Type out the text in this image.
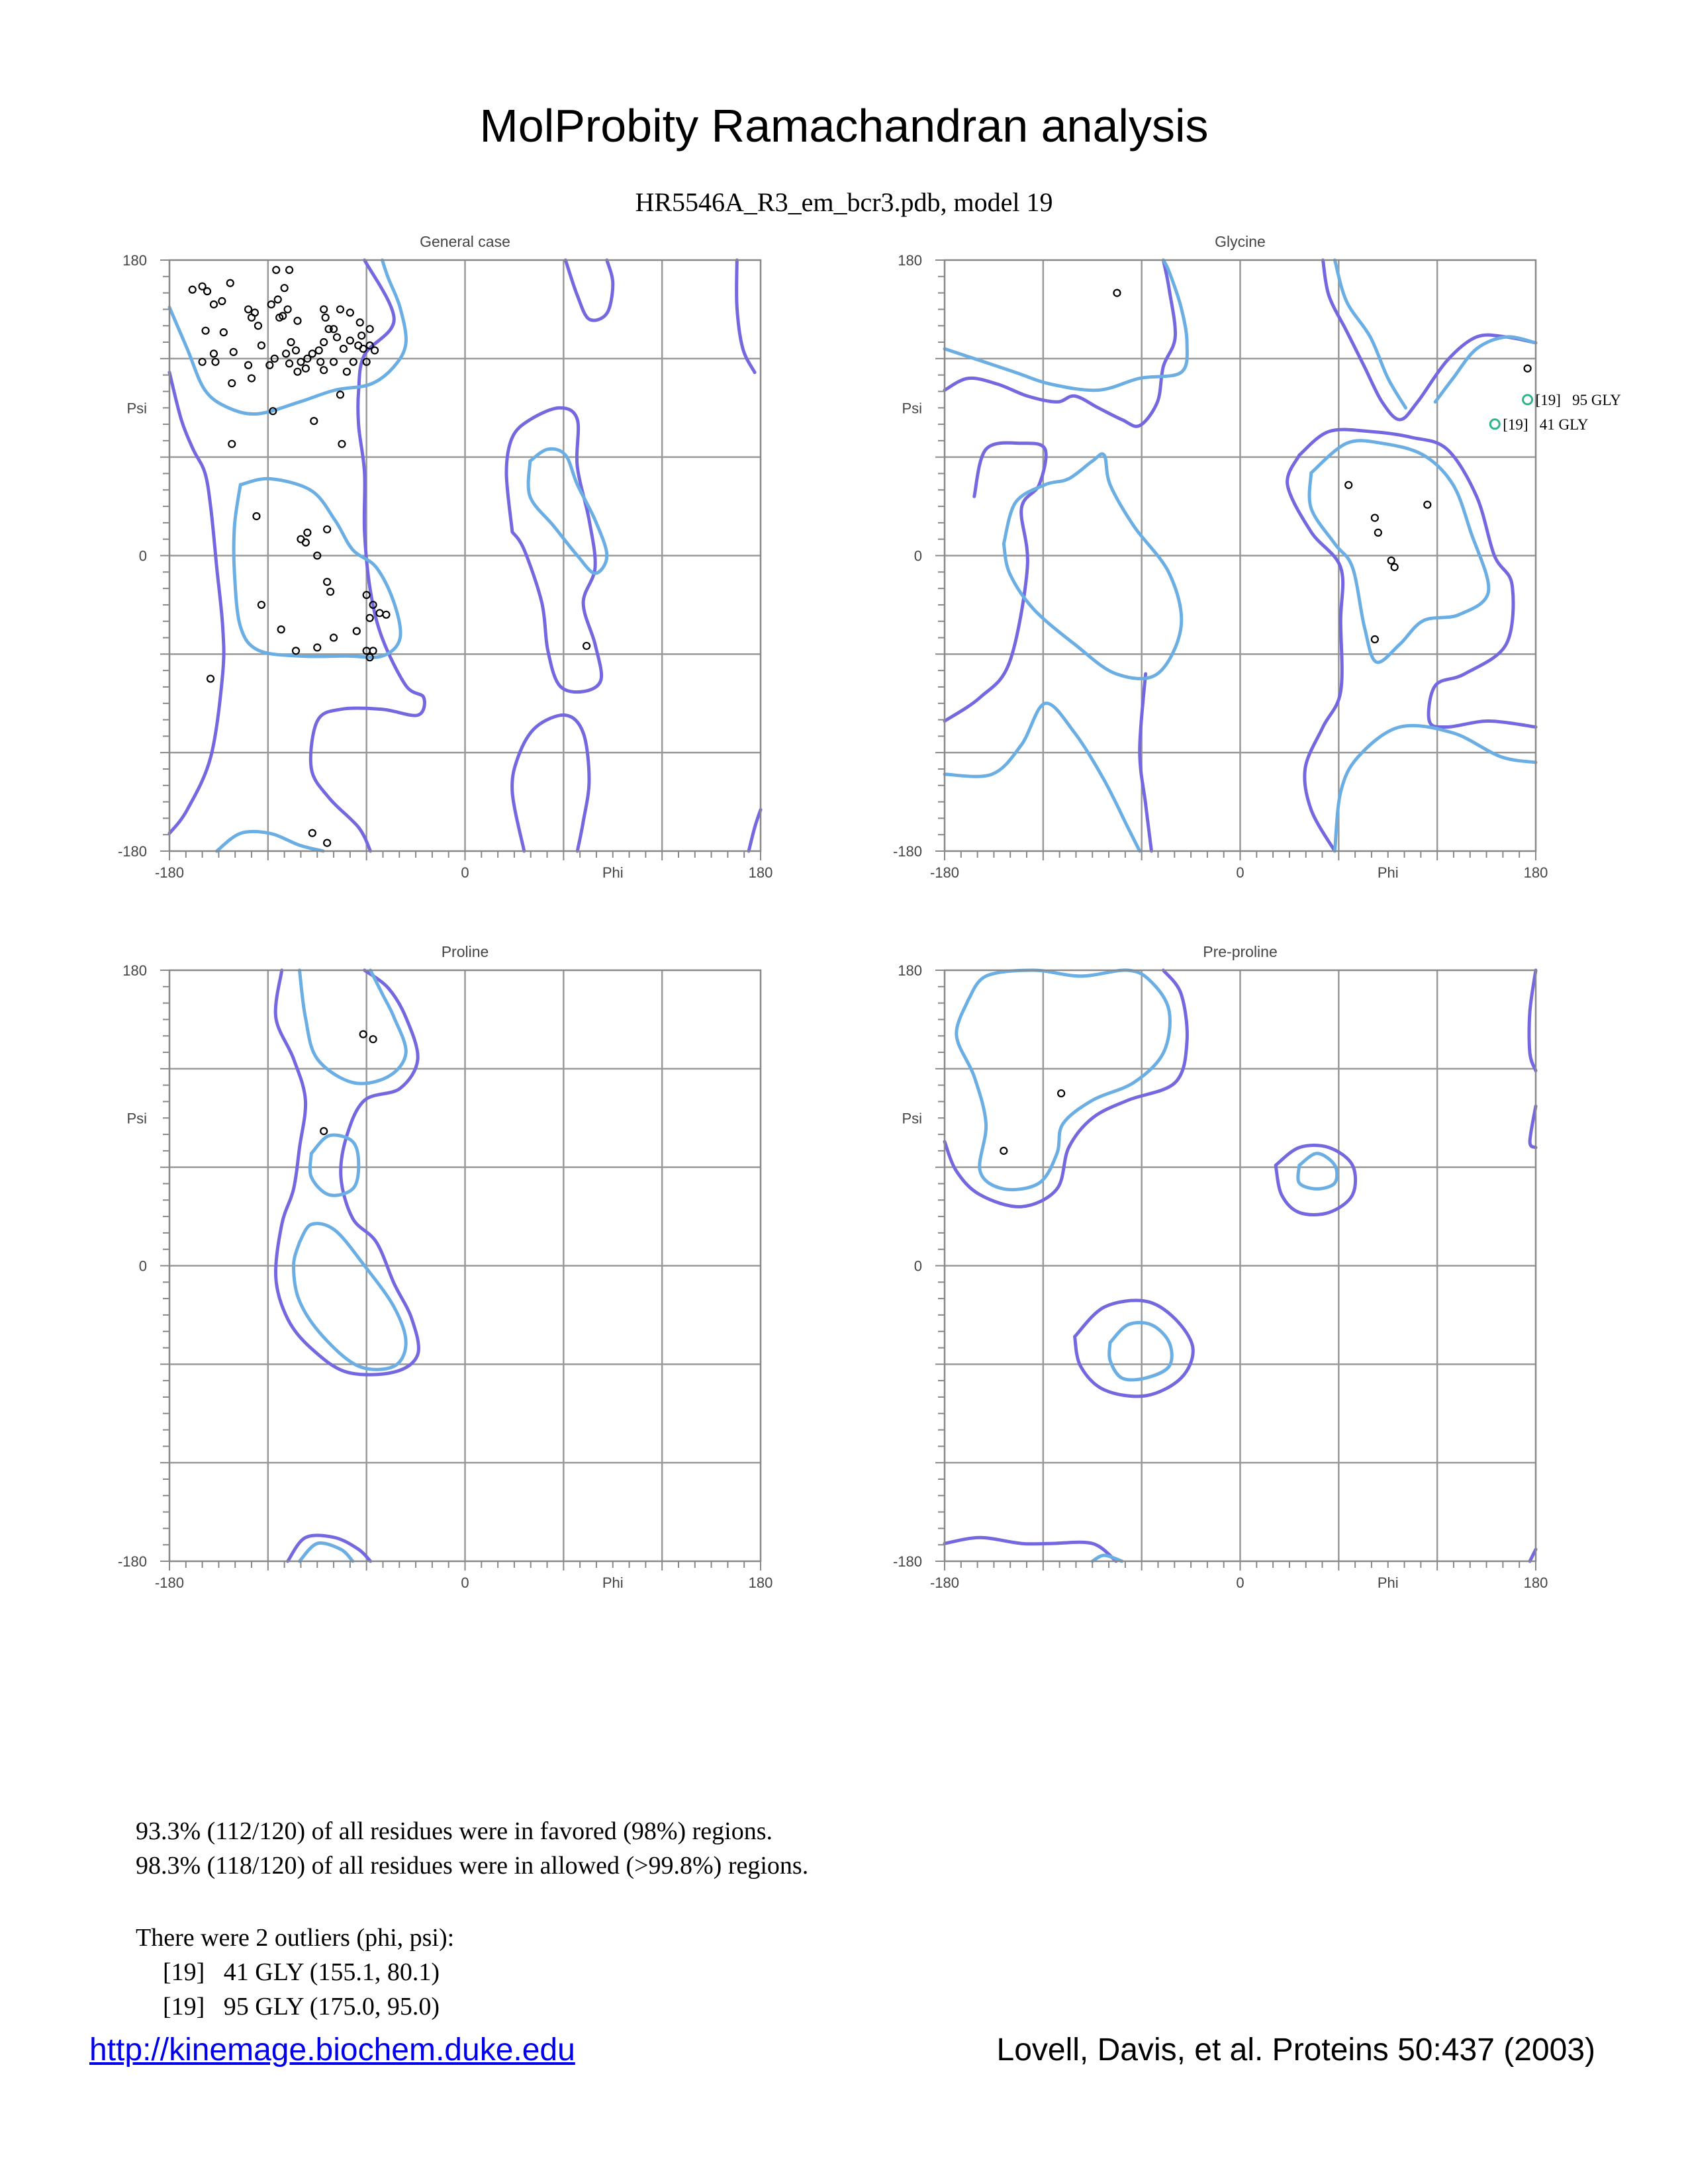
MolProbity Ramachandran analysis
HR5546A_R3_em_bcr3.pdb, model 19
General case
-180	0	180
180
0
-180
Phi
Psi
Glycine
-180	0	180
180
0
-180
Phi
Psi	[19]   95 GLY
[19]   41 GLY
Proline
-180	0	180
180
0
-180
Phi
Psi
Pre-proline
-180	0	180
180
0
-180
Phi
Psi
93.3% (112/120) of all residues were in favored (98%) regions.
98.3% (118/120) of all residues were in allowed (>99.8%) regions.
There were 2 outliers (phi, psi):
[19]   41 GLY (155.1, 80.1)
[19]   95 GLY (175.0, 95.0)
http://kinemage.biochem.duke.edu	Lovell, Davis, et al. Proteins 50:437 (2003)
